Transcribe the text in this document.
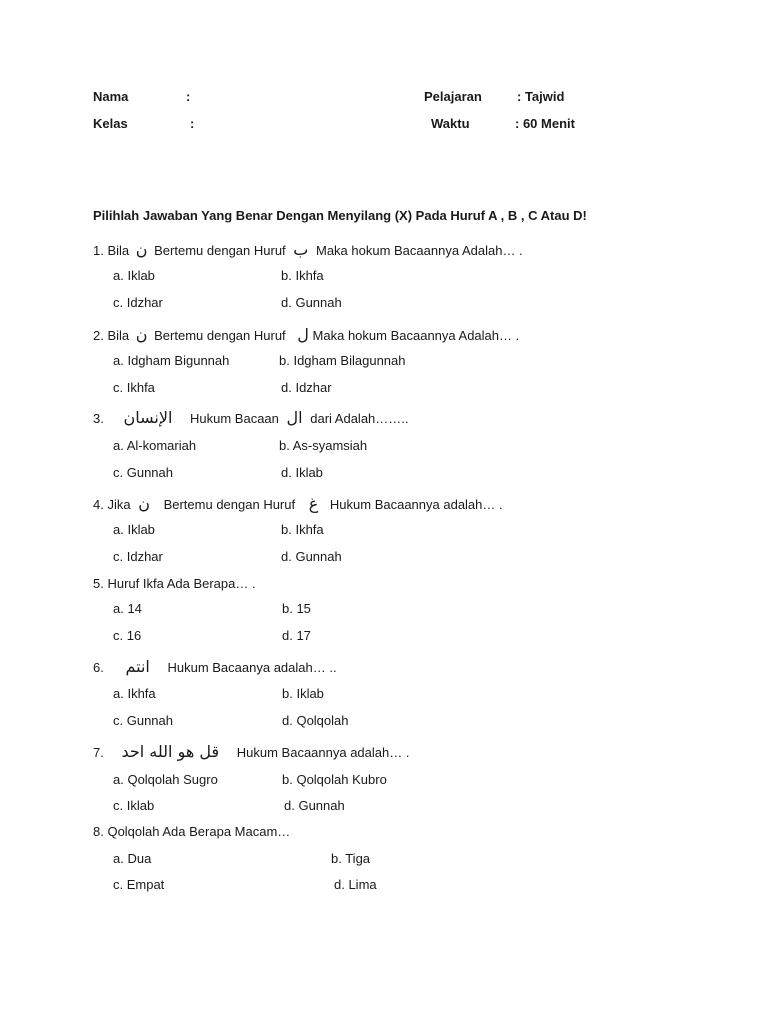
Nama	:	Pelajaran	: Tajwid
Kelas	:	Waktu	: 60 Menit
Pilihlah Jawaban Yang Benar Dengan Menyilang (X) Pada Huruf A , B , C Atau D!
1. Bila ن Bertemu dengan Huruf ب Maka hokum Bacaannya Adalah… .
a. Iklab	b. Ikhfa
c. Idzhar	d. Gunnah
2. Bila ن Bertemu dengan Huruf ل Maka hokum Bacaannya Adalah… .
a. Idgham Bigunnah	b. Idgham Bilagunnah
c. Ikhfa	d. Idzhar
3. الإنسان Hukum Bacaan ال dari Adalah……..
a. Al-komariah	b. As-syamsiah
c. Gunnah	d. Iklab
4. Jika ن Bertemu dengan Huruf غ Hukum Bacaannya adalah… .
a. Iklab	b. Ikhfa
c. Idzhar	d. Gunnah
5. Huruf Ikfa Ada Berapa… .
a. 14	b. 15
c. 16	d. 17
6. انتم Hukum Bacaanya adalah… ..
a. Ikhfa	b. Iklab
c. Gunnah	d. Qolqolah
7. قل هو الله احد Hukum Bacaannya adalah… .
a. Qolqolah Sugro	b. Qolqolah Kubro
c. Iklab	d. Gunnah
8. Qolqolah Ada Berapa Macam…
a. Dua	b. Tiga
c. Empat	d. Lima
